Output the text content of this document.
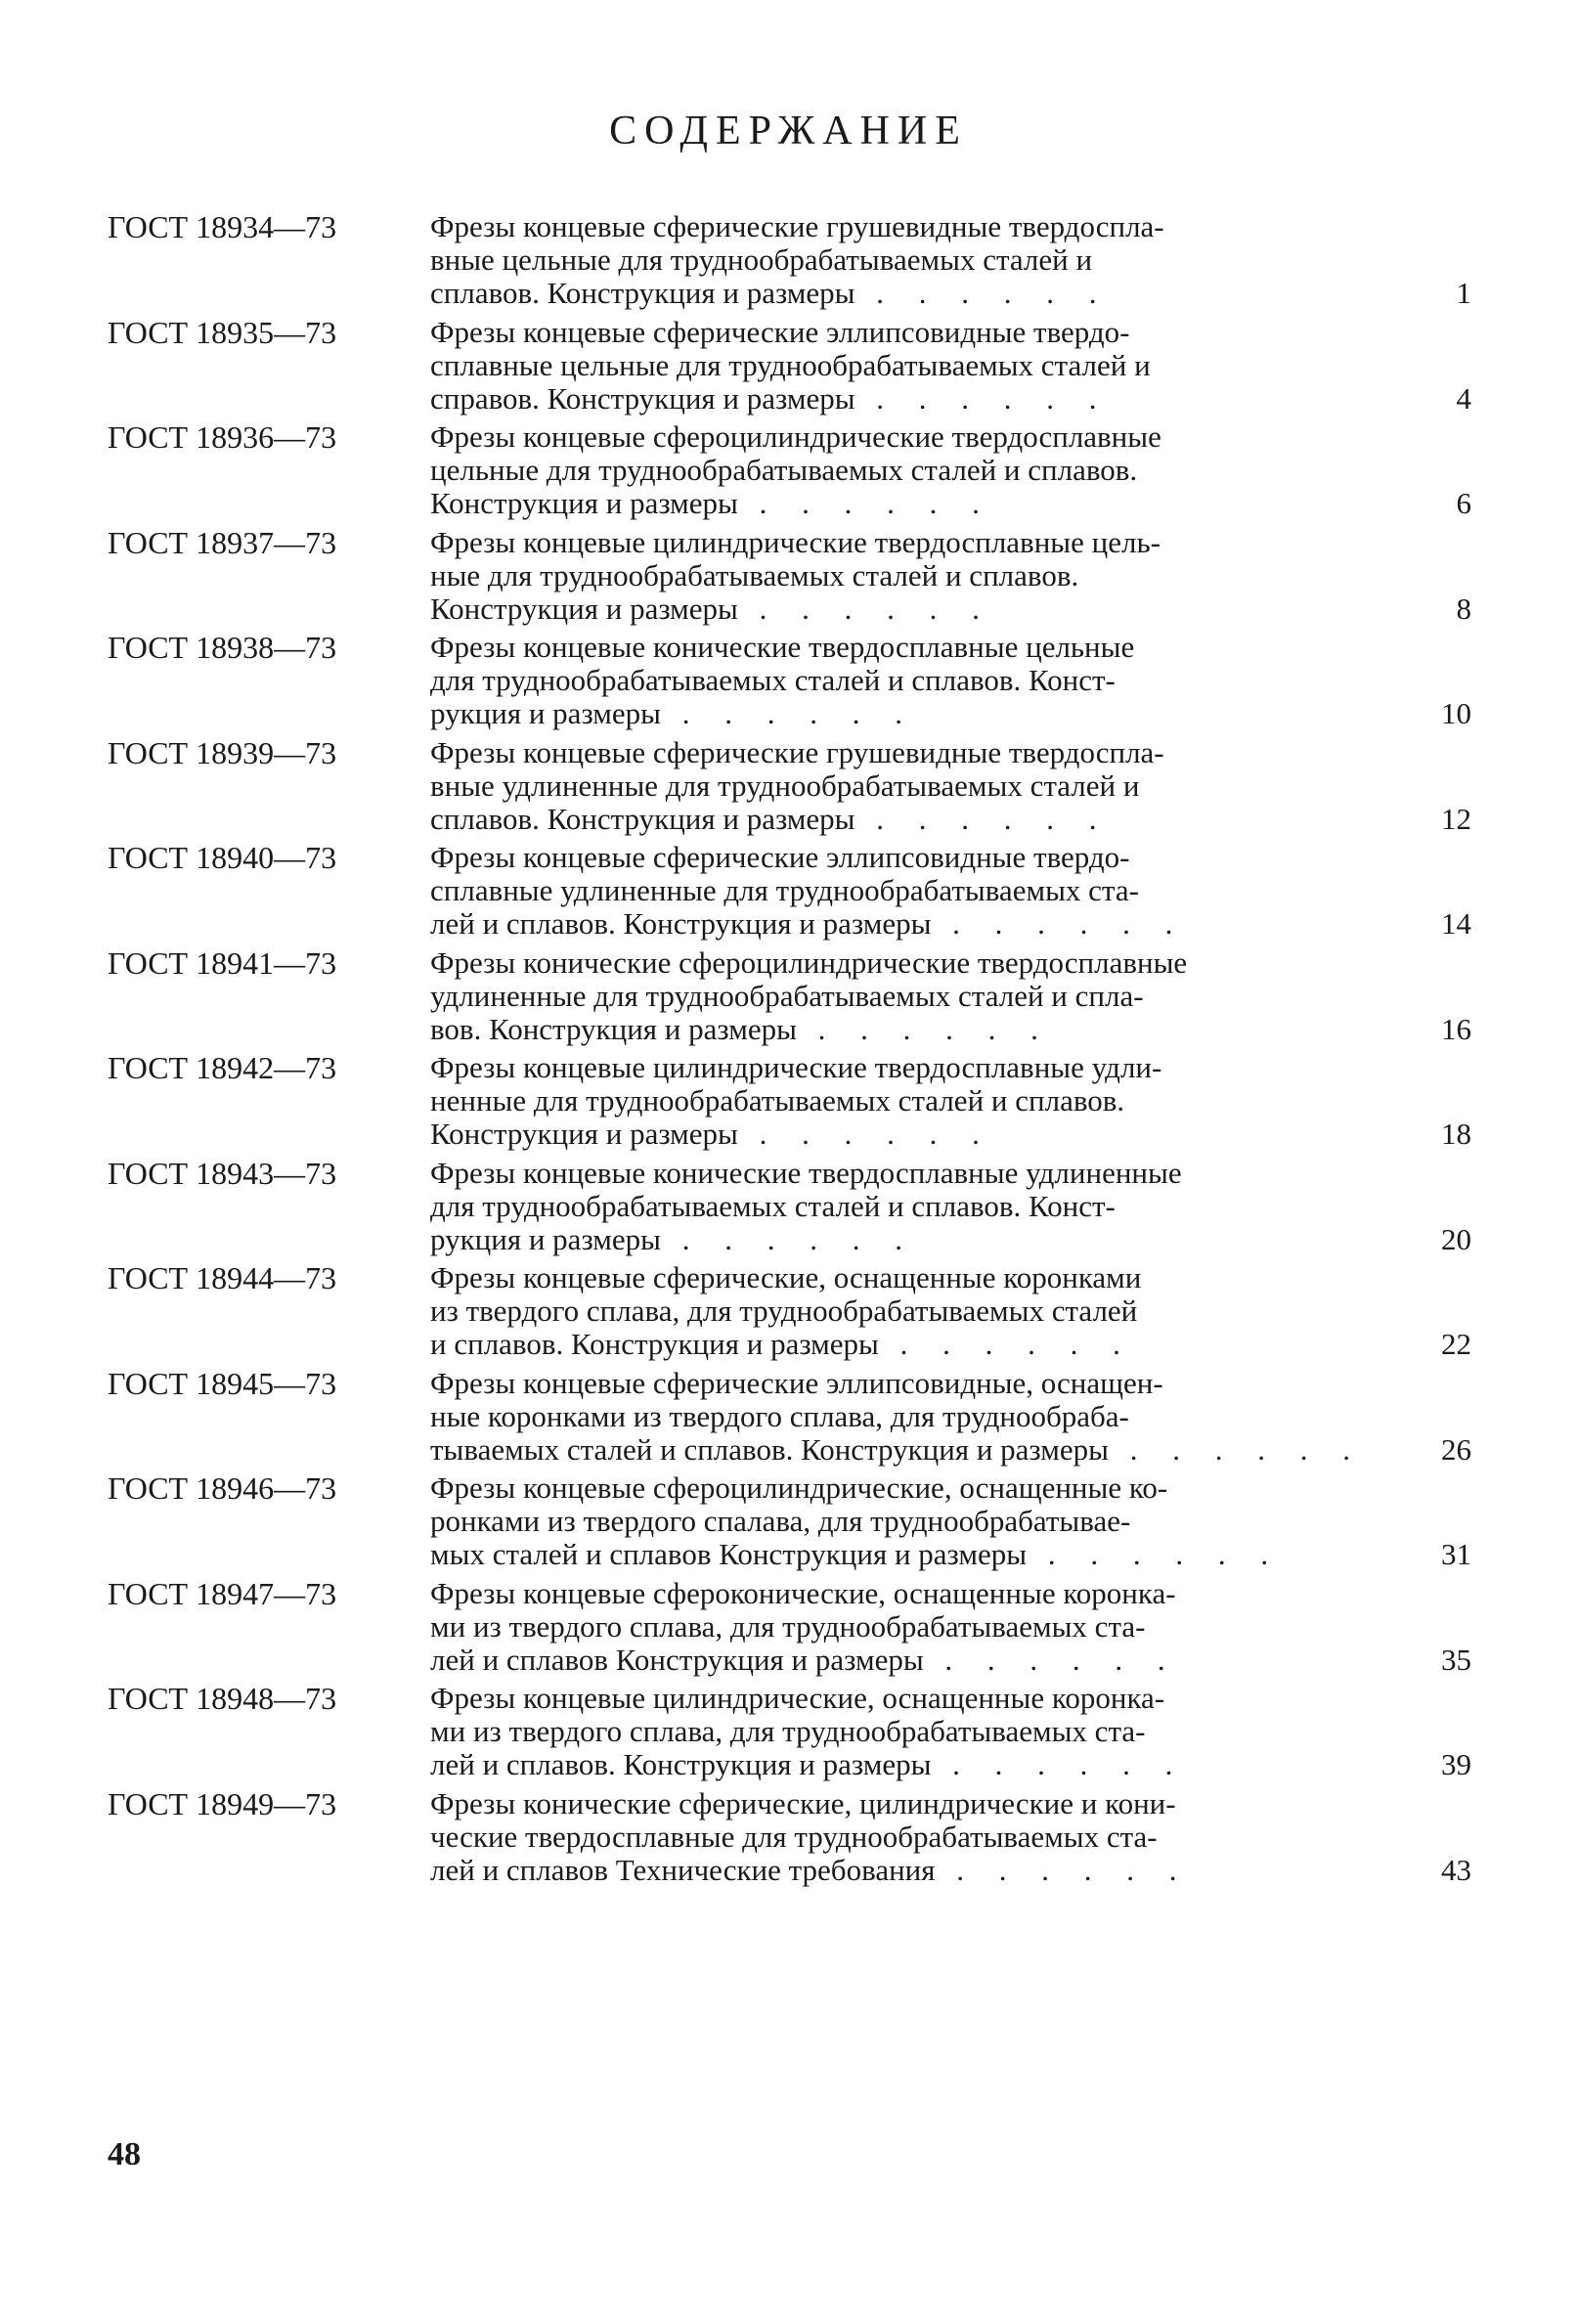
СОДЕРЖАНИЕ
ГОСТ 18934—73	Фрезы концевые сферические грушевидные твердоспла-
вные цельные для труднообрабатываемых сталей и
сплавов. Конструкция и размеры . . . . . .	1
ГОСТ 18935—73	Фрезы концевые сферические эллипсовидные твердо-
сплавные цельные для труднообрабатываемых сталей и
справов. Конструкция и размеры . . . . . .	4
ГОСТ 18936—73	Фрезы концевые сфероцилиндрические твердосплавные
цельные для труднообрабатываемых сталей и сплавов.
Конструкция и размеры . . . . . .	6
ГОСТ 18937—73	Фрезы концевые цилиндрические твердосплавные цель-
ные для труднообрабатываемых сталей и сплавов.
Конструкция и размеры . . . . . .	8
ГОСТ 18938—73	Фрезы концевые конические твердосплавные цельные
для труднообрабатываемых сталей и сплавов. Конст-
рукция и размеры . . . . . .	10
ГОСТ 18939—73	Фрезы концевые сферические грушевидные твердоспла-
вные удлиненные для труднообрабатываемых сталей и
сплавов. Конструкция и размеры . . . . . .	12
ГОСТ 18940—73	Фрезы концевые сферические эллипсовидные твердо-
сплавные удлиненные для труднообрабатываемых ста-
лей и сплавов. Конструкция и размеры . . . . . .	14
ГОСТ 18941—73	Фрезы конические сфероцилиндрические твердосплавные
удлиненные для труднообрабатываемых сталей и спла-
вов. Конструкция и размеры . . . . . .	16
ГОСТ 18942—73	Фрезы концевые цилиндрические твердосплавные удли-
ненные для труднообрабатываемых сталей и сплавов.
Конструкция и размеры . . . . . .	18
ГОСТ 18943—73	Фрезы концевые конические твердосплавные удлиненные
для труднообрабатываемых сталей и сплавов. Конст-
рукция и размеры . . . . . .	20
ГОСТ 18944—73	Фрезы концевые сферические, оснащенные коронками
из твердого сплава, для труднообрабатываемых сталей
и сплавов. Конструкция и размеры . . . . . .	22
ГОСТ 18945—73	Фрезы концевые сферические эллипсовидные, оснащен-
ные коронками из твердого сплава, для труднообраба-
тываемых сталей и сплавов. Конструкция и размеры . . . . . .	26
ГОСТ 18946—73	Фрезы концевые сфероцилиндрические, оснащенные ко-
ронками из твердого спалава, для труднообрабатывае-
мых сталей и сплавов Конструкция и размеры . . . . . .	31
ГОСТ 18947—73	Фрезы концевые сфероконические, оснащенные коронка-
ми из твердого сплава, для труднообрабатываемых ста-
лей и сплавов Конструкция и размеры . . . . . .	35
ГОСТ 18948—73	Фрезы концевые цилиндрические, оснащенные коронка-
ми из твердого сплава, для труднообрабатываемых ста-
лей и сплавов. Конструкция и размеры . . . . . .	39
ГОСТ 18949—73	Фрезы конические сферические, цилиндрические и кони-
ческие твердосплавные для труднообрабатываемых ста-
лей и сплавов Технические требования . . . . . .	43
48
